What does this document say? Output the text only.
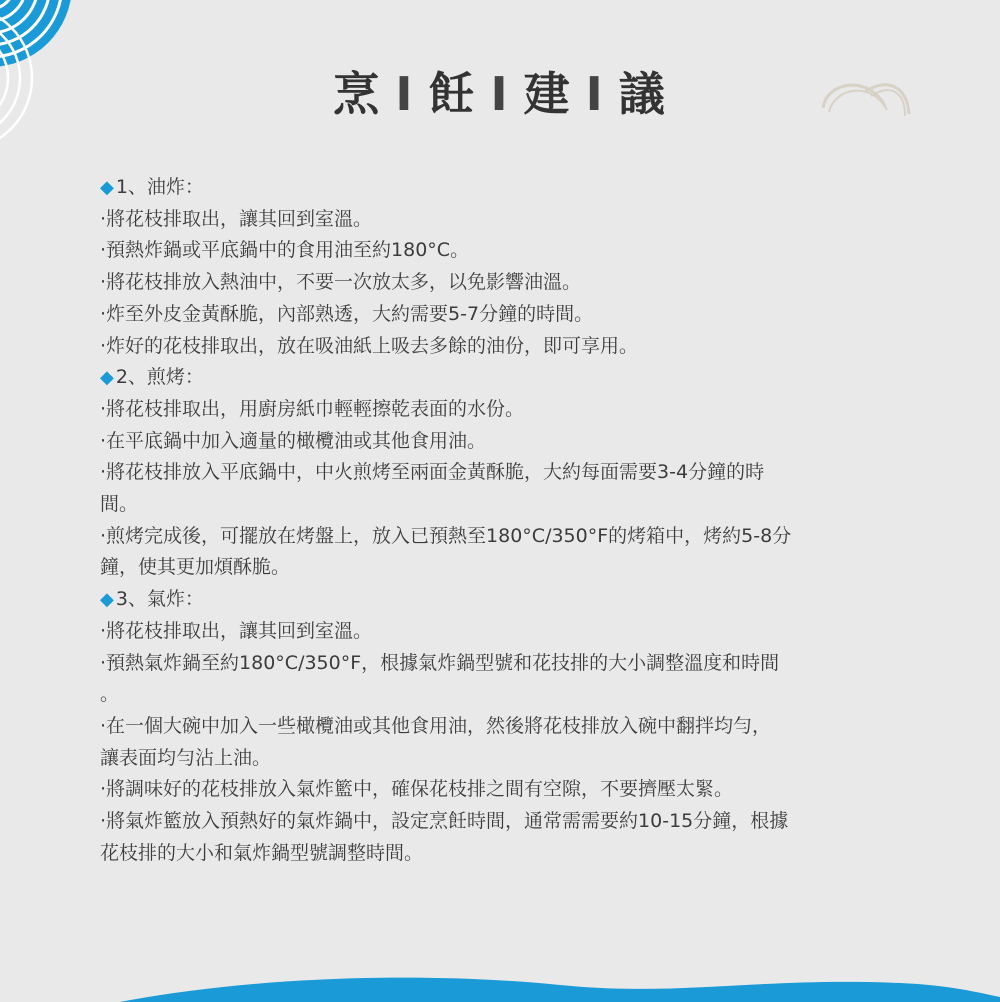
烹 I 飪 I 建 I 議
◆ 1、油炸：
‧將花枝排取出，讓其回到室溫。
‧預熱炸鍋或平底鍋中的食用油至約180°C。
‧將花枝排放入熱油中，不要一次放太多，以免影響油溫。
‧炸至外皮金黃酥脆，內部熟透，大約需要5-7分鐘的時間。
‧炸好的花枝排取出，放在吸油紙上吸去多餘的油份，即可享用。
◆ 2、煎烤：
‧將花枝排取出，用廚房紙巾輕輕擦乾表面的水份。
‧在平底鍋中加入適量的橄欖油或其他食用油。
‧將花枝排放入平底鍋中，中火煎烤至兩面金黃酥脆，大約每面需要3-4分鐘的時
間。
‧煎烤完成後，可擺放在烤盤上，放入已預熱至180°C/350°F的烤箱中，烤約5-8分
鐘，使其更加煩酥脆。
◆ 3、氣炸：
‧將花枝排取出，讓其回到室溫。
‧預熱氣炸鍋至約180°C/350°F，根據氣炸鍋型號和花技排的大小調整溫度和時間
。
‧在一個大碗中加入一些橄欖油或其他食用油，然後將花枝排放入碗中翻拌均勻，
讓表面均勻沾上油。
‧將調味好的花枝排放入氣炸籃中，確保花枝排之間有空隙，不要擠壓太緊。
‧將氣炸籃放入預熱好的氣炸鍋中，設定烹飪時間，通常需需要約10-15分鐘，根據
花枝排的大小和氣炸鍋型號調整時間。
